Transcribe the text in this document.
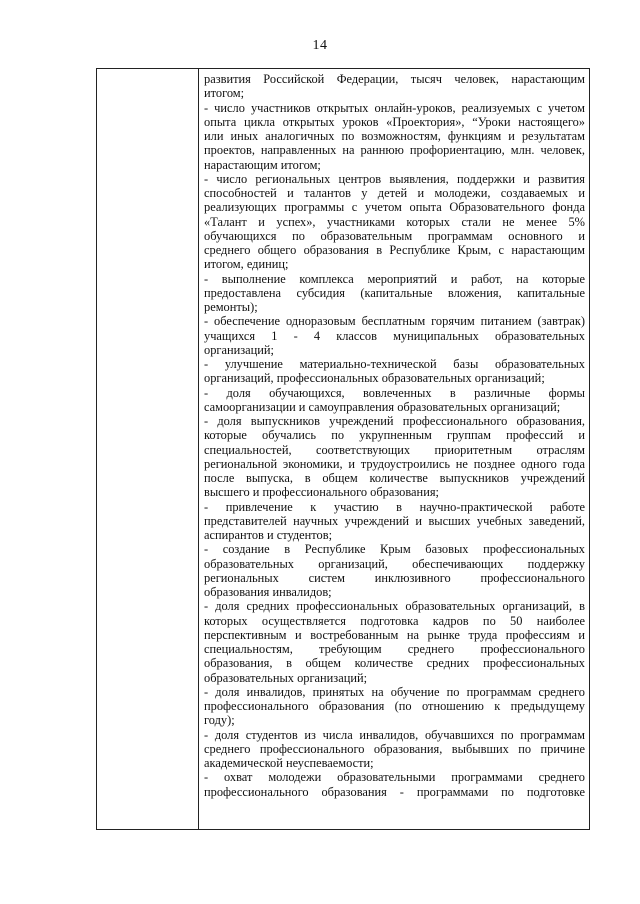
14
развития Российской Федерации, тысяч человек, нарастающим
итогом;
- число участников открытых онлайн-уроков, реализуемых с учетом
опыта цикла открытых уроков «Проектория», “Уроки настоящего»
или иных аналогичных по возможностям, функциям и результатам
проектов, направленных на раннюю профориентацию, млн. человек,
нарастающим итогом;
- число региональных центров выявления, поддержки и развития
способностей и талантов у детей и молодежи, создаваемых и
реализующих программы с учетом опыта Образовательного фонда
«Талант и успех», участниками которых стали не менее 5%
обучающихся по образовательным программам основного и
среднего общего образования в Республике Крым, с нарастающим
итогом, единиц;
- выполнение комплекса мероприятий и работ, на которые
предоставлена субсидия (капитальные вложения, капитальные
ремонты);
- обеспечение одноразовым бесплатным горячим питанием (завтрак)
учащихся 1 - 4 классов муниципальных образовательных
организаций;
- улучшение материально-технической базы образовательных
организаций, профессиональных образовательных организаций;
- доля обучающихся, вовлеченных в различные формы
самоорганизации и самоуправления образовательных организаций;
- доля выпускников учреждений профессионального образования,
которые обучались по укрупненным группам профессий и
специальностей, соответствующих приоритетным отраслям
региональной экономики, и трудоустроились не позднее одного года
после выпуска, в общем количестве выпускников учреждений
высшего и профессионального образования;
- привлечение к участию в научно-практической работе
представителей научных учреждений и высших учебных заведений,
аспирантов и студентов;
- создание в Республике Крым базовых профессиональных
образовательных организаций, обеспечивающих поддержку
региональных систем инклюзивного профессионального
образования инвалидов;
- доля средних профессиональных образовательных организаций, в
которых осуществляется подготовка кадров по 50 наиболее
перспективным и востребованным на рынке труда профессиям и
специальностям, требующим среднего профессионального
образования, в общем количестве средних профессиональных
образовательных организаций;
- доля инвалидов, принятых на обучение по программам среднего
профессионального образования (по отношению к предыдущему
году);
- доля студентов из числа инвалидов, обучавшихся по программам
среднего профессионального образования, выбывших по причине
академической неуспеваемости;
- охват молодежи образовательными программами среднего
профессионального образования - программами по подготовке
